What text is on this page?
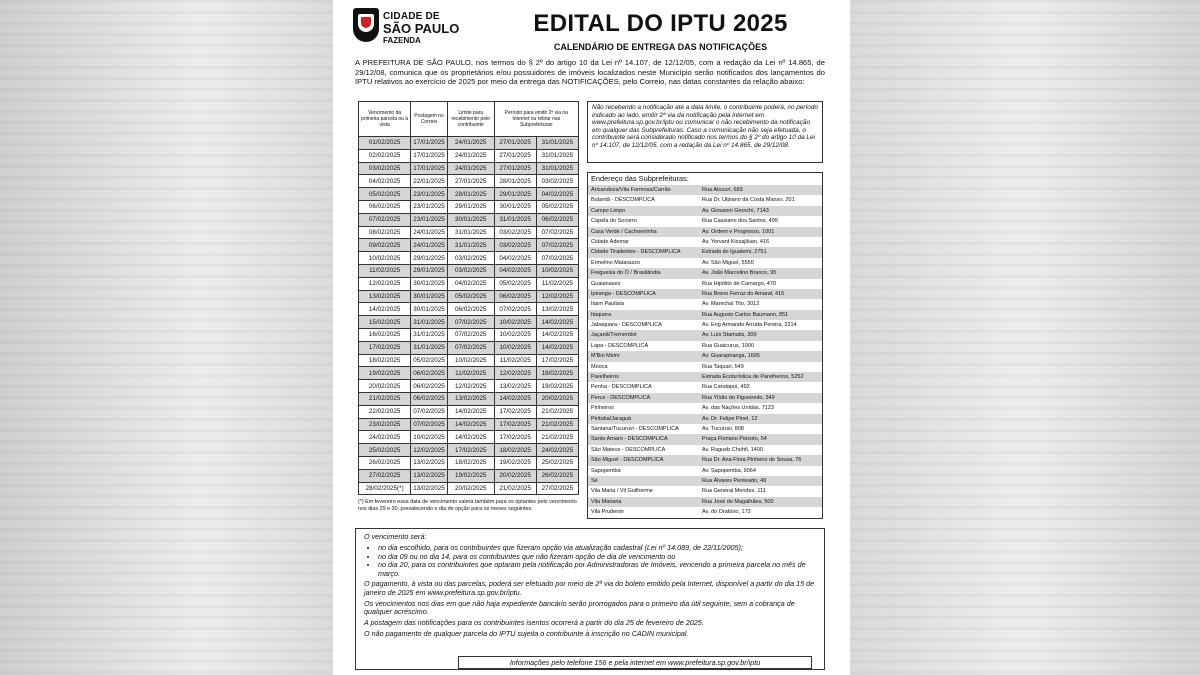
CIDADE DE
SÃO PAULO
FAZENDA
EDITAL DO IPTU 2025
CALENDÁRIO DE ENTREGA DAS NOTIFICAÇÕES
A PREFEITURA DE SÃO PAULO, nos termos do § 2º do artigo 10 da Lei nº 14.107, de 12/12/05, com a redação da Lei nº 14.865, de 29/12/08, comunica que os proprietários e/ou possuidores de imóveis localizados neste Município serão notificados dos lançamentos do IPTU relativos ao exercício de 2025 por meio da entrega das NOTIFICAÇÕES, pelo Correio, nas datas constantes da relação abaixo:
Vencimento da primeira parcela ou à vista	Postagem no Correio	Limite para recebimento pelo contribuinte	Período para emitir 2ª via na Internet ou retirar nas Subprefeituras	
01/02/2025	17/01/2025	24/01/2025	27/01/2025	31/01/2025
02/02/2025	17/01/2025	24/01/2025	27/01/2025	31/01/2025
03/02/2025	17/01/2025	24/01/2025	27/01/2025	31/01/2025
04/02/2025	22/01/2025	27/01/2025	28/01/2025	03/02/2025
05/02/2025	23/01/2025	28/01/2025	29/01/2025	04/02/2025
06/02/2025	23/01/2025	29/01/2025	30/01/2025	05/02/2025
07/02/2025	23/01/2025	30/01/2025	31/01/2025	06/02/2025
08/02/2025	24/01/2025	31/01/2025	03/02/2025	07/02/2025
09/02/2025	24/01/2025	31/01/2025	03/02/2025	07/02/2025
10/02/2025	29/01/2025	03/02/2025	04/02/2025	07/02/2025
11/02/2025	29/01/2025	03/02/2025	04/02/2025	10/02/2025
12/02/2025	30/01/2025	04/02/2025	05/02/2025	11/02/2025
13/02/2025	30/01/2025	05/02/2025	06/02/2025	12/02/2025
14/02/2025	30/01/2025	06/02/2025	07/02/2025	13/02/2025
15/02/2025	31/01/2025	07/02/2025	10/02/2025	14/02/2025
16/02/2025	31/01/2025	07/02/2025	10/02/2025	14/02/2025
17/02/2025	31/01/2025	07/02/2025	10/02/2025	14/02/2025
18/02/2025	05/02/2025	10/02/2025	11/02/2025	17/02/2025
19/02/2025	06/02/2025	11/02/2025	12/02/2025	18/02/2025
20/02/2025	06/02/2025	12/02/2025	13/02/2025	19/02/2025
21/02/2025	06/02/2025	13/02/2025	14/02/2025	20/02/2025
22/02/2025	07/02/2025	14/02/2025	17/02/2025	21/02/2025
23/02/2025	07/02/2025	14/02/2025	17/02/2025	21/02/2025
24/02/2025	10/02/2025	14/02/2025	17/02/2025	21/02/2025
25/02/2025	12/02/2025	17/02/2025	18/02/2025	24/02/2025
26/02/2025	13/02/2025	18/02/2025	19/02/2025	25/02/2025
27/02/2025	13/02/2025	19/02/2025	20/02/2025	26/02/2025
28/02/2025(*)	13/02/2025	20/02/2025	21/02/2025	27/02/2025
(*) Em fevereiro essa data de vencimento valerá também para os optantes pelo vencimento nos dias 29 e 30, prevalecendo o dia de opção para os meses seguintes.
Não recebendo a notificação até a data limite, o contribuinte poderá, no período indicado ao lado, emitir 2ª via da notificação pela internet em www.prefeitura.sp.gov.br/iptu ou comunicar o não recebimento da notificação em qualquer das Subprefeituras. Caso a comunicação não seja efetuada, o contribuinte será considerado notificado nos termos do § 2º do artigo 10 da Lei nº 14.107, de 12/12/05, com a redação da Lei nº 14.865, de 29/12/08.
Endereço das Subprefeituras:
Aricanduva/Vila Formosa/Carrão	Rua Atucuri, 699
Butantã - DESCOMPLICA	Rua Dr. Ulpiano da Costa Manso, 201
Campo Limpo	Av. Giovanni Gronchi, 7143
Capela do Socorro	Rua Cassiano dos Santos, 499
Casa Verde / Cachoeirinha	Av. Ordem e Progresso, 1001
Cidade Ademar	Av. Yervant Kissajikian, 416
Cidade Tiradentes - DESCOMPLICA	Estrada do Iguatemi, 2751
Ermelino Matarazzo	Av. São Miguel, 5550
Freguesia do Ó / Brasilândia	Av. João Marcelino Branco, 95
Guaianases	Rua Hipólito de Camargo, 470
Ipiranga - DESCOMPLICA	Rua Breno Ferraz do Amaral, 415
Itaim Paulista	Av. Marechal Tito, 3012
Itaquera	Rua Augusto Carlos Baumann, 851
Jabaquara - DESCOMPLICA	Av. Eng Armando Arruda Pereira, 2314
Jaçanã/Tremembé	Av. Luís Stamatis, 300
Lapa - DESCOMPLICA	Rua Guaicurus, 1000
M'Boi Mirim	Av. Guarapiranga, 1695
Mooca	Rua Taquari, 549
Parelheiros	Estrada Ecoturística de Parelheiros, 5252
Penha - DESCOMPLICA	Rua Candapuí, 492
Perus - DESCOMPLICA	Rua Ylídio do Figueiredo, 349
Pinheiros	Av. das Nações Unidas, 7123
Pirituba/Jaraguá	Av. Dr. Felipe Pinel, 12
Santana/Tucuruvi - DESCOMPLICA	Av. Tucuruvi, 808
Santo Amaro - DESCOMPLICA	Praça Floriano Peixoto, 54
São Mateus - DESCOMPLICA	Av. Ragueb Chohfi, 1400
São Miguel - DESCOMPLICA	Rua Dr. Ana Flora Pinheiro de Sousa, 76
Sapopemba	Av. Sapopemba, 9064
Sé	Rua Álvares Penteado, 49
Vila Maria / Vil Guilherme	Rua General Mendes, 111
Vila Mariana	Rua José de Magalhães, 500
Vila Prudente	Av. do Oratório, 172

O vencimento será:

• no dia escolhido, para os contribuintes que fizeram opção via atualização cadastral (Lei nº 14.089, de 22/11/2005);
• no dia 09 ou no dia 14, para os contribuintes que não fizeram opção de dia de vencimento ou
• no dia 20, para os contribuintes que optaram pela notificação por Administradoras de Imóveis, vencendo a primeira parcela no mês de março.

O pagamento, à vista ou das parcelas, poderá ser efetuado por meio de 2ª via do boleto emitido pela Internet, disponível a partir do dia 15 de janeiro de 2025 em www.prefeitura.sp.gov.br/iptu.

Os vencimentos nos dias em que não haja expediente bancário serão prorrogados para o primeiro dia útil seguinte, sem a cobrança de qualquer acréscimo.

A postagem das notificações para os contribuintes isentos ocorrerá a partir do dia 25 de fevereiro de 2025.

O não pagamento de qualquer parcela do IPTU sujeita o contribuinte à inscrição no CADIN municipal.

Informações pelo telefone 156 e pela internet em www.prefeitura.sp.gov.br/iptu
